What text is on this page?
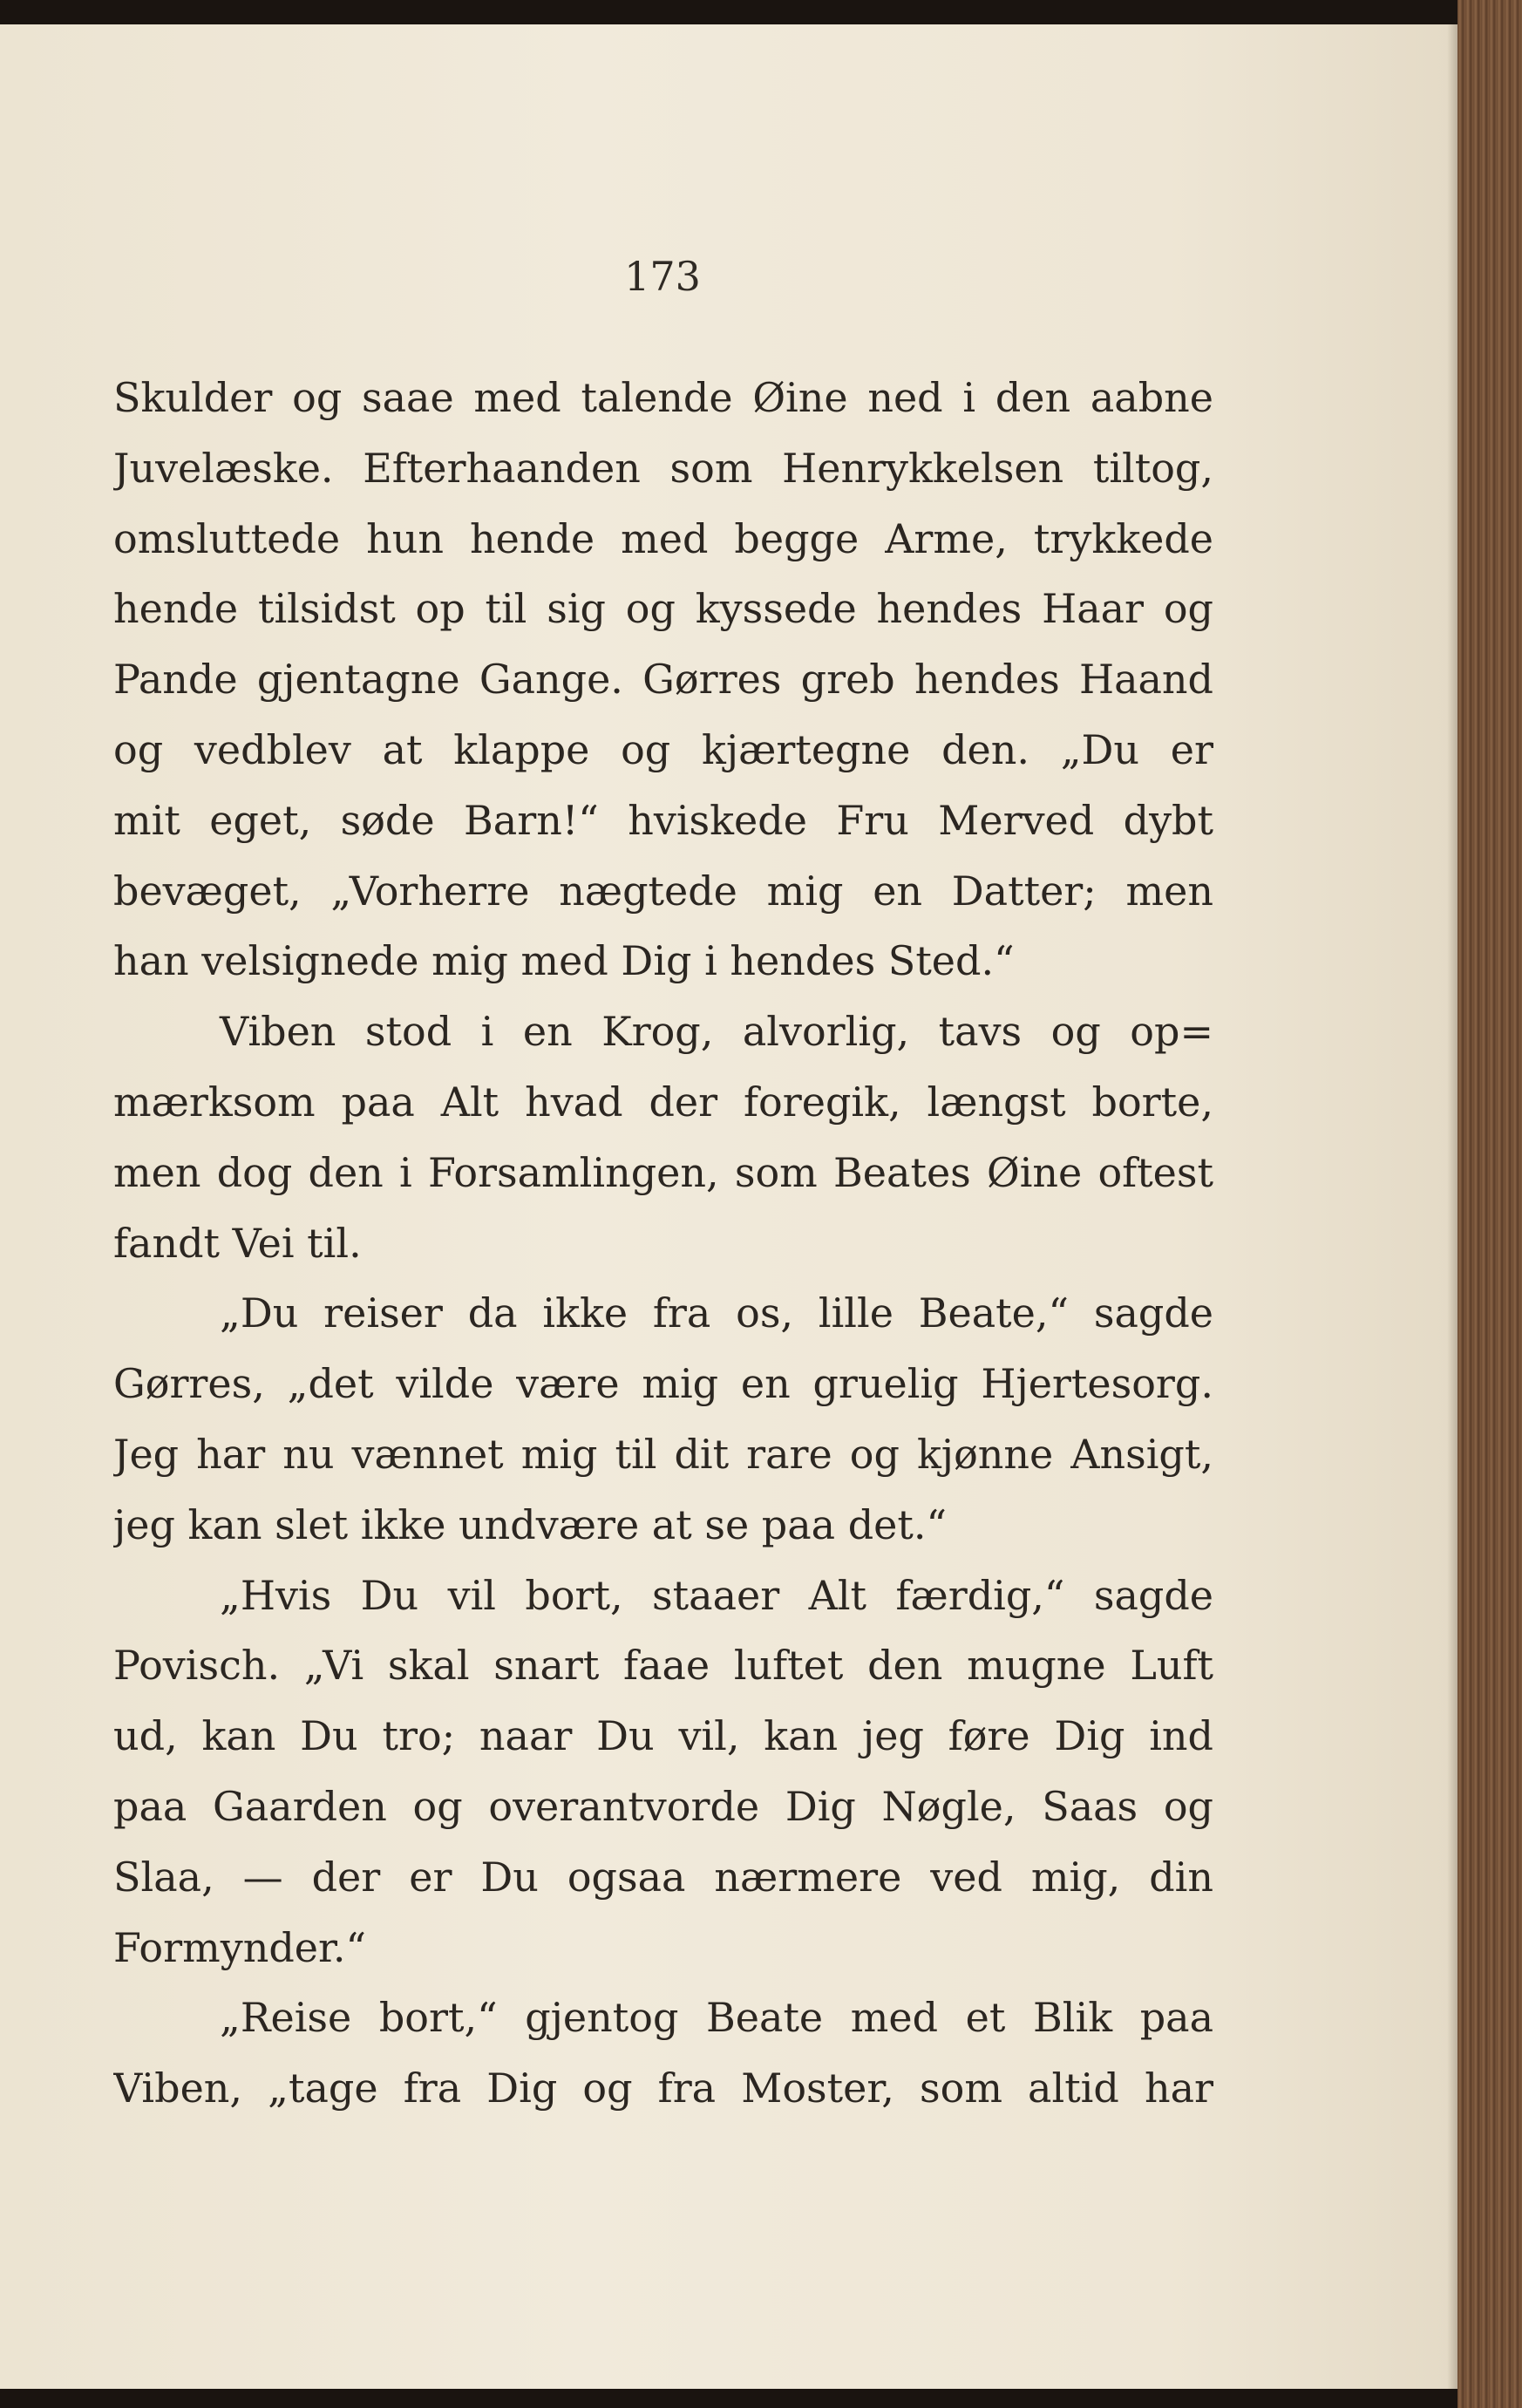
173
Skulder og saae med talende Øine ned i den aabne
Juvelæske. Efterhaanden som Henrykkelsen tiltog,
omsluttede hun hende med begge Arme, trykkede
hende tilsidst op til sig og kyssede hendes Haar og
Pande gjentagne Gange. Gørres greb hendes Haand
og vedblev at klappe og kjærtegne den. „Du er
mit eget, søde Barn!“ hviskede Fru Merved dybt
bevæget, „Vorherre nægtede mig en Datter; men
han velsignede mig med Dig i hendes Sted.“
Viben stod i en Krog, alvorlig, tavs og op=
mærksom paa Alt hvad der foregik, længst borte,
men dog den i Forsamlingen, som Beates Øine oftest
fandt Vei til.
„Du reiser da ikke fra os, lille Beate,“ sagde
Gørres, „det vilde være mig en gruelig Hjertesorg.
Jeg har nu vænnet mig til dit rare og kjønne Ansigt,
jeg kan slet ikke undvære at se paa det.“
„Hvis Du vil bort, staaer Alt færdig,“ sagde
Povisch. „Vi skal snart faae luftet den mugne Luft
ud, kan Du tro; naar Du vil, kan jeg føre Dig ind
paa Gaarden og overantvorde Dig Nøgle, Saas og
Slaa, — der er Du ogsaa nærmere ved mig, din
Formynder.“
„Reise bort,“ gjentog Beate med et Blik paa
Viben, „tage fra Dig og fra Moster, som altid har
